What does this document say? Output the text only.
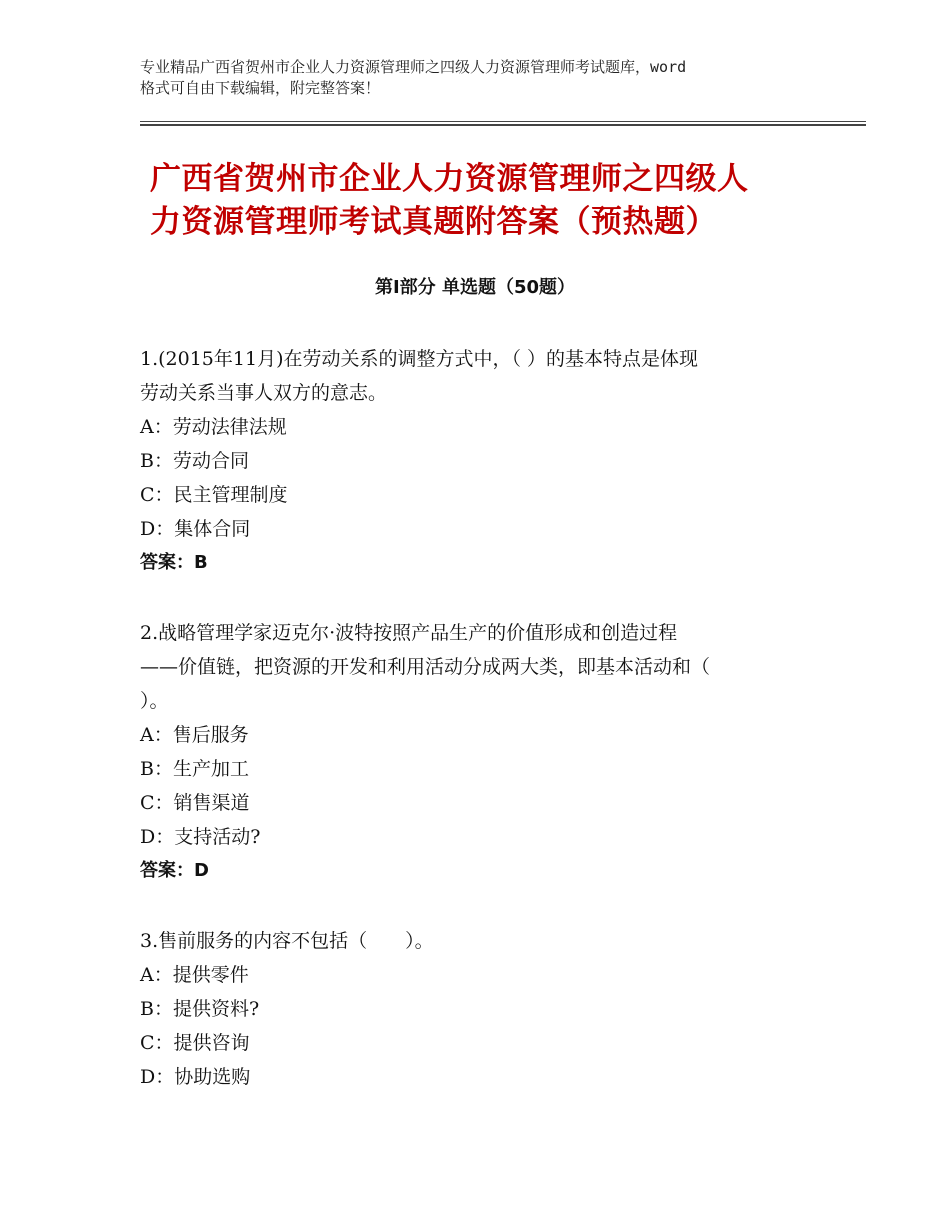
专业精品广西省贺州市企业人力资源管理师之四级人力资源管理师考试题库，word
格式可自由下载编辑，附完整答案！
广西省贺州市企业人力资源管理师之四级人
力资源管理师考试真题附答案（预热题）
第Ⅰ部分 单选题（50题）

1.(2015年11月)在劳动关系的调整方式中，（ ）的基本特点是体现

劳动关系当事人双方的意志。

A：劳动法律法规

B：劳动合同

C：民主管理制度

D：集体合同

答案：B

2.战略管理学家迈克尔·波特按照产品生产的价值形成和创造过程

——价值链，把资源的开发和利用活动分成两大类，即基本活动和（

）。

A：售后服务

B：生产加工

C：销售渠道

D：支持活动?

答案：D

3.售前服务的内容不包括（　　）。

A：提供零件

B：提供资料?

C：提供咨询

D：协助选购
